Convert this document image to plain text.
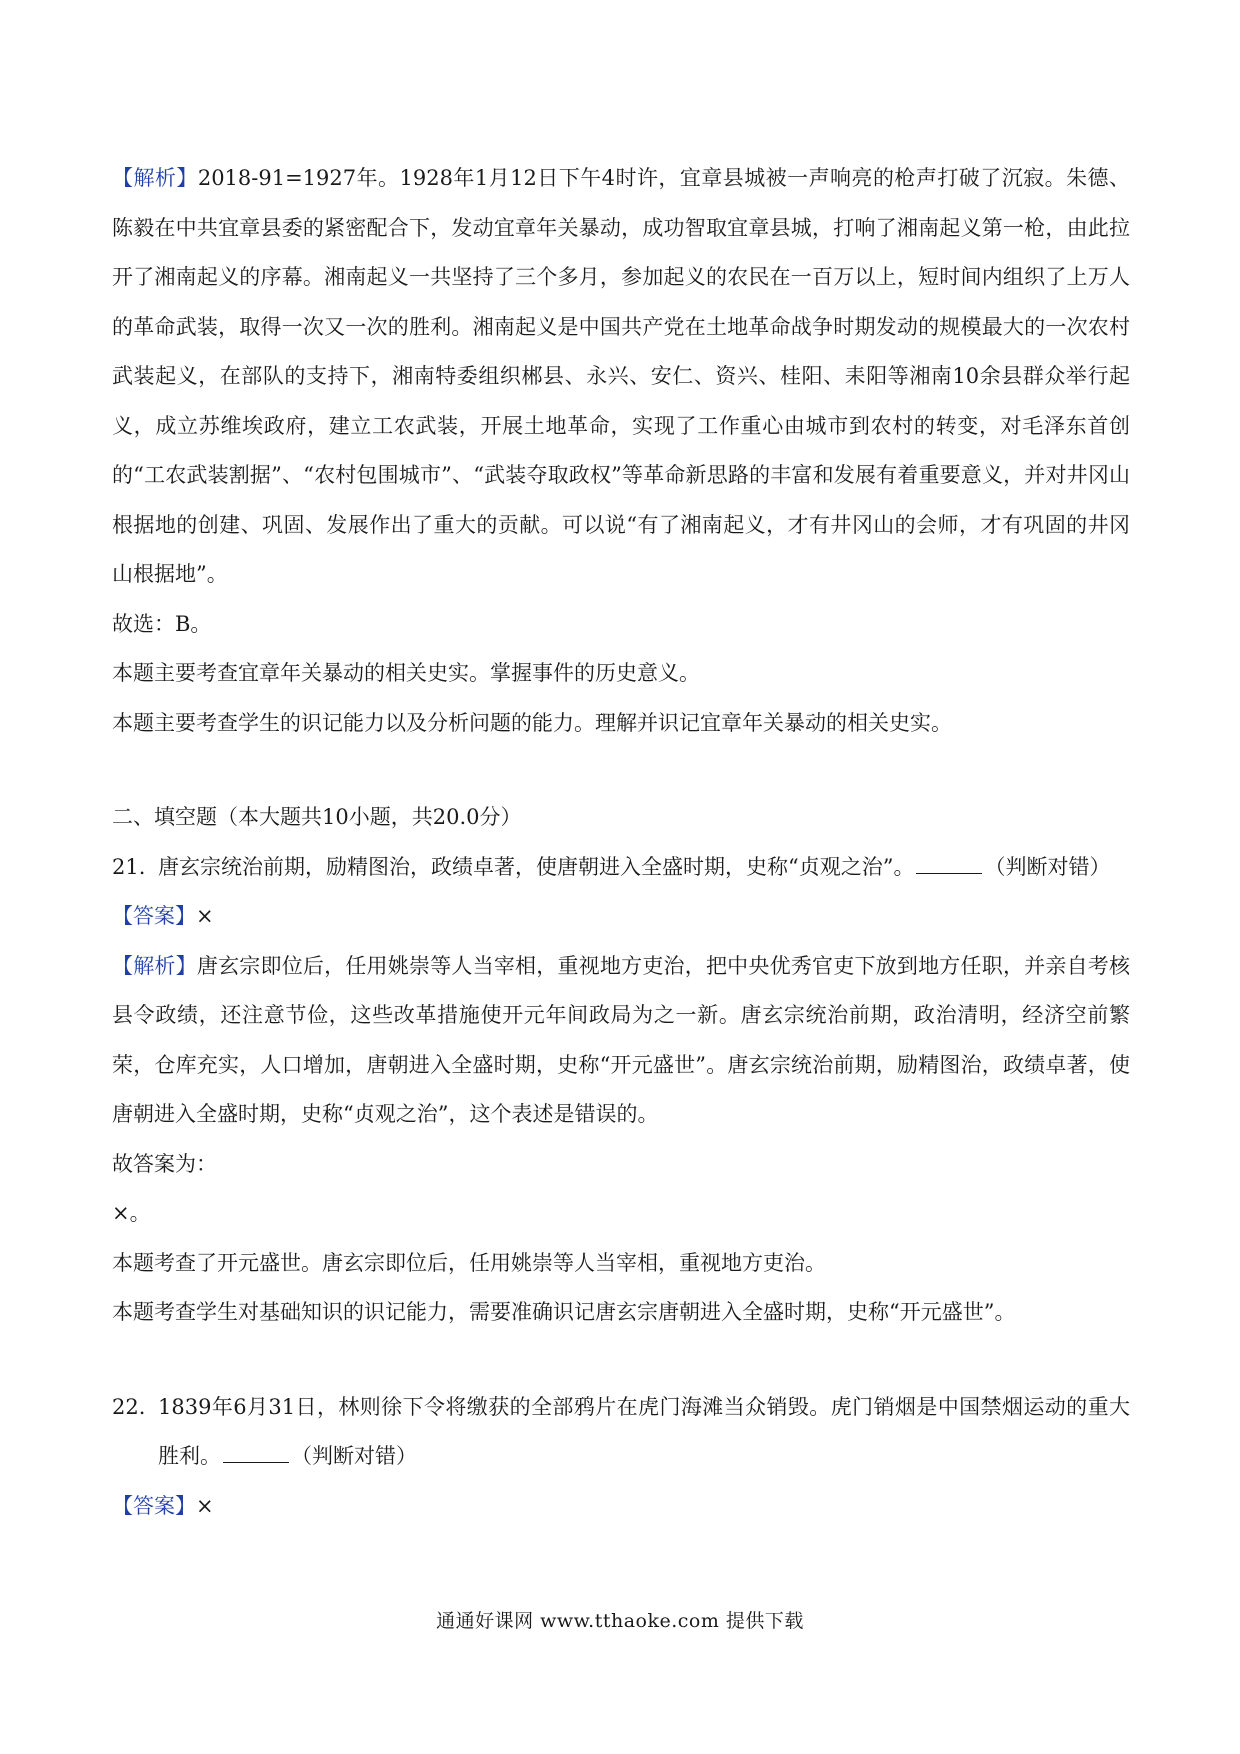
【解析】2018-91=1927年。1928年1月12日下午4时许，宜章县城被一声响亮的枪声打破了沉寂。朱德、陈毅在中共宜章县委的紧密配合下，发动宜章年关暴动，成功智取宜章县城，打响了湘南起义第一枪，由此拉开了湘南起义的序幕。湘南起义一共坚持了三个多月，参加起义的农民在一百万以上，短时间内组织了上万人的革命武装，取得一次又一次的胜利。湘南起义是中国共产党在土地革命战争时期发动的规模最大的一次农村武装起义，在部队的支持下，湘南特委组织郴县、永兴、安仁、资兴、桂阳、耒阳等湘南10余县群众举行起义，成立苏维埃政府，建立工农武装，开展土地革命，实现了工作重心由城市到农村的转变，对毛泽东首创的“工农武装割据”、“农村包围城市”、“武装夺取政权”等革命新思路的丰富和发展有着重要意义，并对井冈山根据地的创建、巩固、发展作出了重大的贡献。可以说“有了湘南起义，才有井冈山的会师，才有巩固的井冈山根据地”。

故选：B。

本题主要考查宜章年关暴动的相关史实。掌握事件的历史意义。

本题主要考查学生的识记能力以及分析问题的能力。理解并识记宜章年关暴动的相关史实。

二、填空题（本大题共10小题，共20.0分）

21. 唐玄宗统治前期，励精图治，政绩卓著，使唐朝进入全盛时期，史称“贞观之治”。	（判断对错）

【答案】×

【解析】唐玄宗即位后，任用姚崇等人当宰相，重视地方吏治，把中央优秀官吏下放到地方任职，并亲自考核县令政绩，还注意节俭，这些改革措施使开元年间政局为之一新。唐玄宗统治前期，政治清明，经济空前繁荣，仓库充实，人口增加，唐朝进入全盛时期，史称“开元盛世”。唐玄宗统治前期，励精图治，政绩卓著，使唐朝进入全盛时期，史称“贞观之治”，这个表述是错误的。

故答案为：

×。

本题考查了开元盛世。唐玄宗即位后，任用姚崇等人当宰相，重视地方吏治。

本题考查学生对基础知识的识记能力，需要准确识记唐玄宗唐朝进入全盛时期，史称“开元盛世”。

22. 1839年6月31日，林则徐下令将缴获的全部鸦片在虎门海滩当众销毁。虎门销烟是中国禁烟运动的重大胜利。	（判断对错）

【答案】×

通通好课网 www.tthaoke.com 提供下载
